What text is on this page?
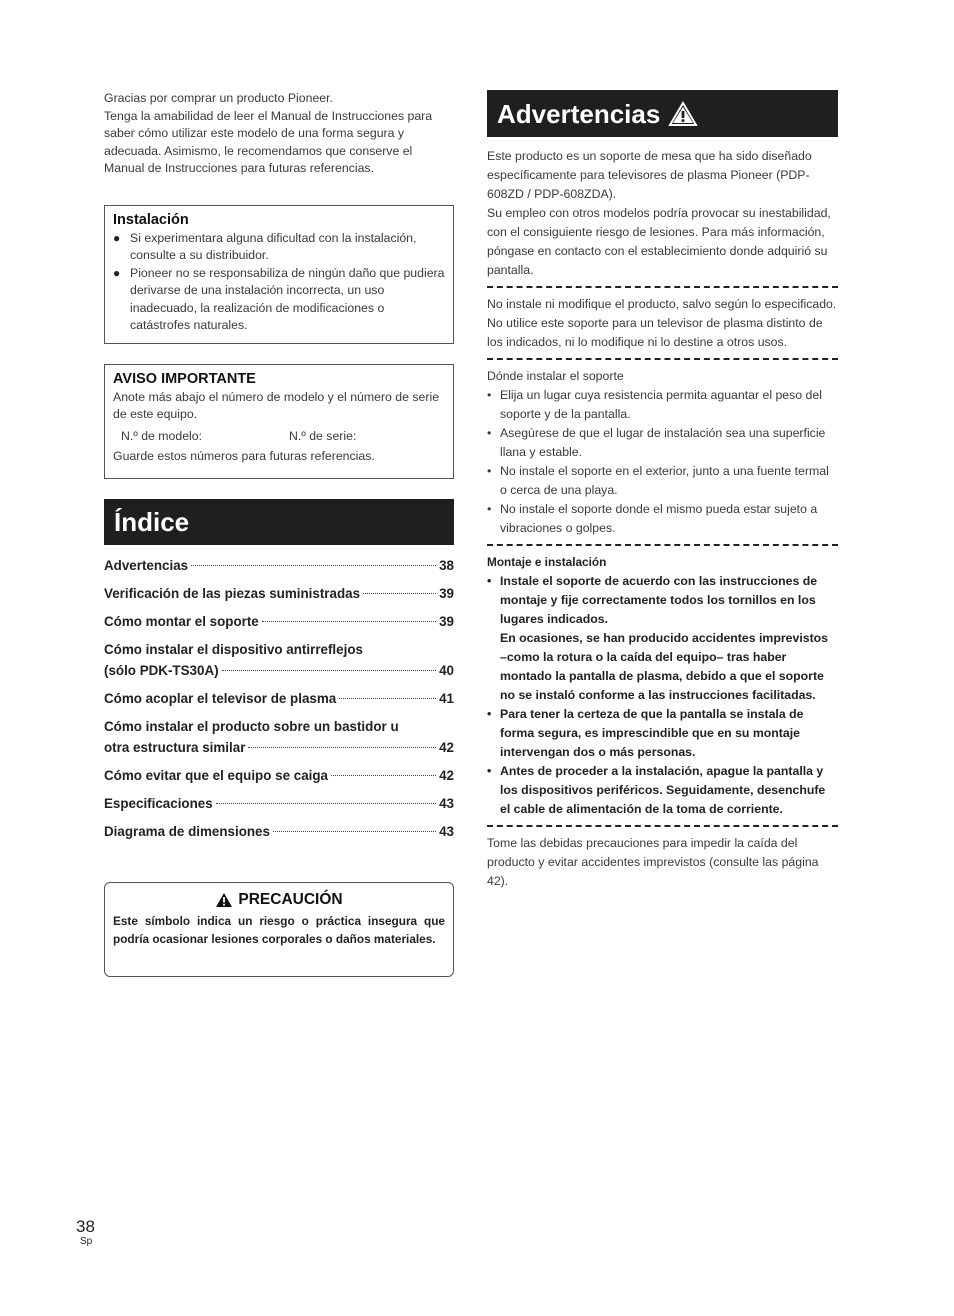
Gracias por comprar un producto Pioneer.

Tenga la amabilidad de leer el Manual de Instrucciones para saber cómo utilizar este modelo de una forma segura y adecuada. Asimismo, le recomendamos que conserve el Manual de Instrucciones para futuras referencias.

Instalación
● Si experimentara alguna dificultad con la instalación, consulte a su distribuidor.
● Pioneer no se responsabiliza de ningún daño que pudiera derivarse de una instalación incorrecta, un uso inadecuado, la realización de modificaciones o catástrofes naturales.
AVISO IMPORTANTE
Anote más abajo el número de modelo y el número de serie de este equipo.
N.º de modelo:	N.º de serie:
Guarde estos números para futuras referencias.
Índice
Advertencias	38
Verificación de las piezas suministradas	39
Cómo montar el soporte	39
Cómo instalar el dispositivo antirreflejos
(sólo PDK-TS30A)	40
Cómo acoplar el televisor de plasma	41
Cómo instalar el producto sobre un bastidor u
otra estructura similar	42
Cómo evitar que el equipo se caiga	42
Especificaciones	43
Diagrama de dimensiones	43
PRECAUCIÓN
Este símbolo indica un riesgo o práctica insegura que podría ocasionar lesiones corporales o daños materiales.
Advertencias

Este producto es un soporte de mesa que ha sido diseñado específicamente para televisores de plasma Pioneer (PDP-608ZD / PDP-608ZDA).

Su empleo con otros modelos podría provocar su inestabilidad, con el consiguiente riesgo de lesiones. Para más información, póngase en contacto con el establecimiento donde adquirió su pantalla.

No instale ni modifique el producto, salvo según lo especificado. No utilice este soporte para un televisor de plasma distinto de los indicados, ni lo modifique ni lo destine a otros usos.

Dónde instalar el soporte

• Elija un lugar cuya resistencia permita aguantar el peso del soporte y de la pantalla.
• Asegúrese de que el lugar de instalación sea una superficie llana y estable.
• No instale el soporte en el exterior, junto a una fuente termal o cerca de una playa.
• No instale el soporte donde el mismo pueda estar sujeto a vibraciones o golpes.

Montaje e instalación

• Instale el soporte de acuerdo con las instrucciones de montaje y fije correctamente todos los tornillos en los lugares indicados.
En ocasiones, se han producido accidentes imprevistos –como la rotura o la caída del equipo– tras haber montado la pantalla de plasma, debido a que el soporte no se instaló conforme a las instrucciones facilitadas.
• Para tener la certeza de que la pantalla se instala de forma segura, es imprescindible que en su montaje intervengan dos o más personas.
• Antes de proceder a la instalación, apague la pantalla y los dispositivos periféricos. Seguidamente, desenchufe el cable de alimentación de la toma de corriente.

Tome las debidas precauciones para impedir la caída del producto y evitar accidentes imprevistos (consulte las página 42).

38
Sp
